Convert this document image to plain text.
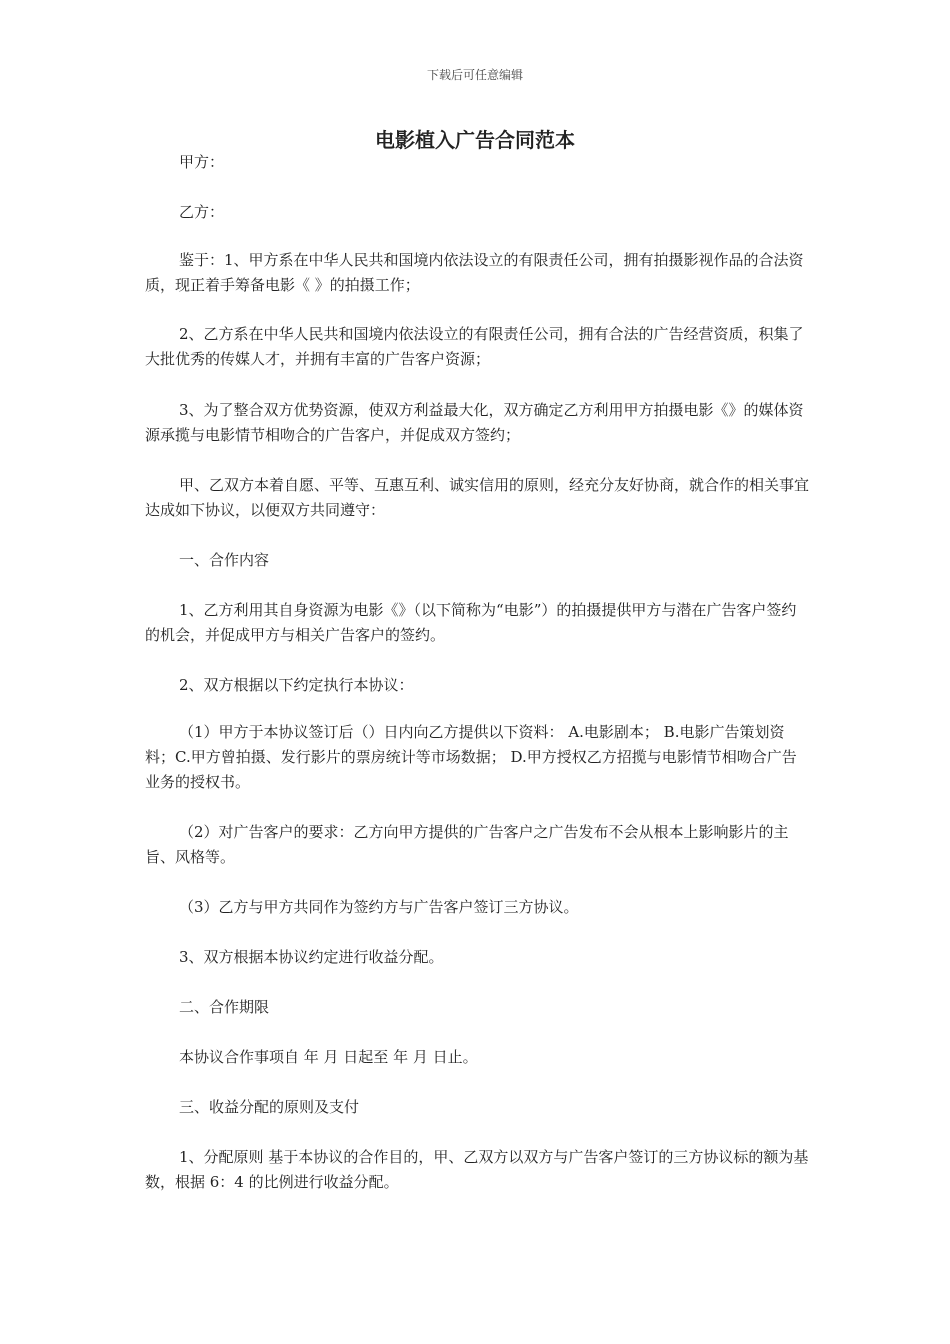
下载后可任意编辑
电影植入广告合同范本
甲方：
乙方：
鉴于：1、甲方系在中华人民共和国境内依法设立的有限责任公司，拥有拍摄影视作品的合法资质，现正着手筹备电影《 》的拍摄工作；
2、乙方系在中华人民共和国境内依法设立的有限责任公司，拥有合法的广告经营资质，积集了大批优秀的传媒人才，并拥有丰富的广告客户资源；
3、为了整合双方优势资源，使双方利益最大化，双方确定乙方利用甲方拍摄电影《》的媒体资源承揽与电影情节相吻合的广告客户，并促成双方签约；
甲、乙双方本着自愿、平等、互惠互利、诚实信用的原则，经充分友好协商，就合作的相关事宜达成如下协议，以便双方共同遵守：
一、合作内容
1、乙方利用其自身资源为电影《》（以下简称为“电影”）的拍摄提供甲方与潜在广告客户签约的机会，并促成甲方与相关广告客户的签约。
2、双方根据以下约定执行本协议：
（1）甲方于本协议签订后（）日内向乙方提供以下资料： A.电影剧本； B.电影广告策划资料；C.甲方曾拍摄、发行影片的票房统计等市场数据； D.甲方授权乙方招揽与电影情节相吻合广告业务的授权书。
（2）对广告客户的要求：乙方向甲方提供的广告客户之广告发布不会从根本上影响影片的主旨、风格等。
（3）乙方与甲方共同作为签约方与广告客户签订三方协议。
3、双方根据本协议约定进行收益分配。
二、合作期限
本协议合作事项自 年 月 日起至 年 月 日止。
三、收益分配的原则及支付
1、分配原则 基于本协议的合作目的，甲、乙双方以双方与广告客户签订的三方协议标的额为基数，根据 6：4 的比例进行收益分配。
